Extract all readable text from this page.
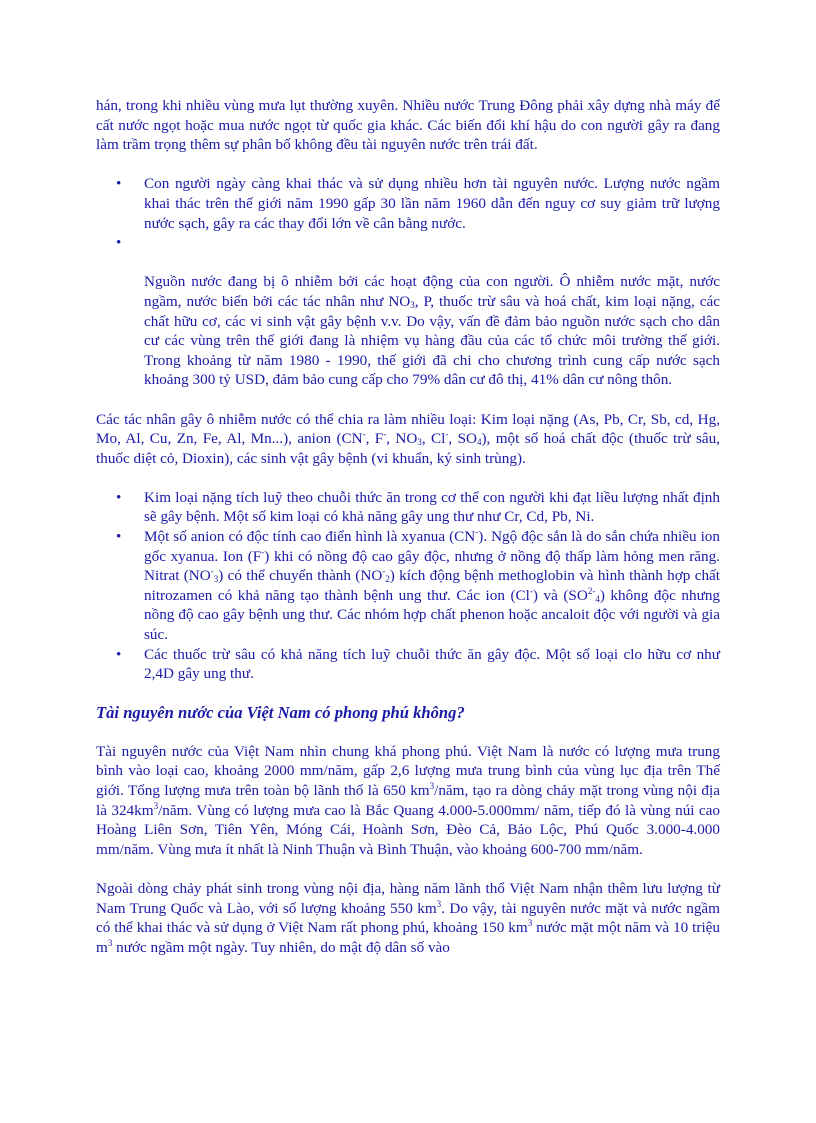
hán, trong khi nhiều vùng mưa lụt thường xuyên. Nhiều nước Trung Đông phải xây dựng nhà máy để cất nước ngọt hoặc mua nước ngọt từ quốc gia khác. Các biến đổi khí hậu do con người gây ra đang làm trầm trọng thêm sự phân bố không đều tài nguyên nước trên trái đất.

•	Con người ngày càng khai thác và sử dụng nhiều hơn tài nguyên nước. Lượng nước ngầm khai thác trên thế giới năm 1990 gấp 30 lần năm 1960 dẫn đến nguy cơ suy giảm trữ lượng nước sạch, gây ra các thay đổi lớn về cân bằng nước.
•
Nguồn nước đang bị ô nhiễm bởi các hoạt động của con người. Ô nhiễm nước mặt, nước ngầm, nước biển bởi các tác nhân như $NO_3$, P, thuốc trừ sâu và hoá chất, kim loại nặng, các chất hữu cơ, các vi sinh vật gây bệnh v.v. Do vậy, vấn đề đảm bảo nguồn nước sạch cho dân cư các vùng trên thế giới đang là nhiệm vụ hàng đầu của các tổ chức môi trường thế giới. Trong khoảng từ năm 1980 - 1990, thế giới đã chi cho chương trình cung cấp nước sạch khoảng 300 tỷ USD, đảm bảo cung cấp cho 79% dân cư đô thị, 41% dân cư nông thôn.

Các tác nhân gây ô nhiễm nước có thể chia ra làm nhiều loại: Kim loại nặng (As, Pb, Cr, Sb, cd, Hg, Mo, Al, Cu, Zn, Fe, Al, Mn...), anion (CN-, F-, $NO_3$, Cl-, $SO_4$), một số hoá chất độc (thuốc trừ sâu, thuốc diệt cỏ, Dioxin), các sinh vật gây bệnh (vi khuẩn, ký sinh trùng).

•	Kim loại nặng tích luỹ theo chuỗi thức ăn trong cơ thể con người khi đạt liều lượng nhất định sẽ gây bệnh. Một số kim loại có khả năng gây ung thư như Cr, Cd, Pb, Ni.
•	Một số anion có độc tính cao điển hình là xyanua (CN-). Ngộ độc sắn là do sắn chứa nhiều ion gốc xyanua. Ion (F-) khi có nồng độ cao gây độc, nhưng ở nồng độ thấp làm hỏng men răng. Nitrat $(NO^-_3)$ có thể chuyển thành $(NO^-_2)$ kích động bệnh methoglobin và hình thành hợp chất nitrozamen có khả năng tạo thành bệnh ung thư. Các ion (Cl-) và $(SO^{2-}_4)$ không độc nhưng nồng độ cao gây bệnh ung thư. Các nhóm hợp chất phenon hoặc ancaloit độc với người và gia súc.
•	Các thuốc trừ sâu có khả năng tích luỹ chuỗi thức ăn gây độc. Một số loại clo hữu cơ như 2,4D gây ung thư.
Tài nguyên nước của Việt Nam có phong phú không?

Tài nguyên nước của Việt Nam nhìn chung khá phong phú. Việt Nam là nước có lượng mưa trung bình vào loại cao, khoảng 2000 mm/năm, gấp 2,6 lượng mưa trung bình của vùng lục địa trên Thế giới. Tổng lượng mưa trên toàn bộ lãnh thổ là 650 $km^3$/năm, tạo ra dòng chảy mặt trong vùng nội địa là $324km^3$/năm. Vùng có lượng mưa cao là Bắc Quang 4.000-5.000mm/ năm, tiếp đó là vùng núi cao Hoàng Liên Sơn, Tiên Yên, Móng Cái, Hoành Sơn, Đèo Cả, Bảo Lộc, Phú Quốc 3.000-4.000 mm/năm. Vùng mưa ít nhất là Ninh Thuận và Bình Thuận, vào khoảng 600-700 mm/năm.

Ngoài dòng chảy phát sinh trong vùng nội địa, hàng năm lãnh thổ Việt Nam nhận thêm lưu lượng từ Nam Trung Quốc và Lào, với số lượng khoảng 550 $km^3$. Do vậy, tài nguyên nước mặt và nước ngầm có thể khai thác và sử dụng ở Việt Nam rất phong phú, khoảng 150 $km^3$ nước mặt một năm và 10 triệu $m^3$ nước ngầm một ngày. Tuy nhiên, do mật độ dân số vào
